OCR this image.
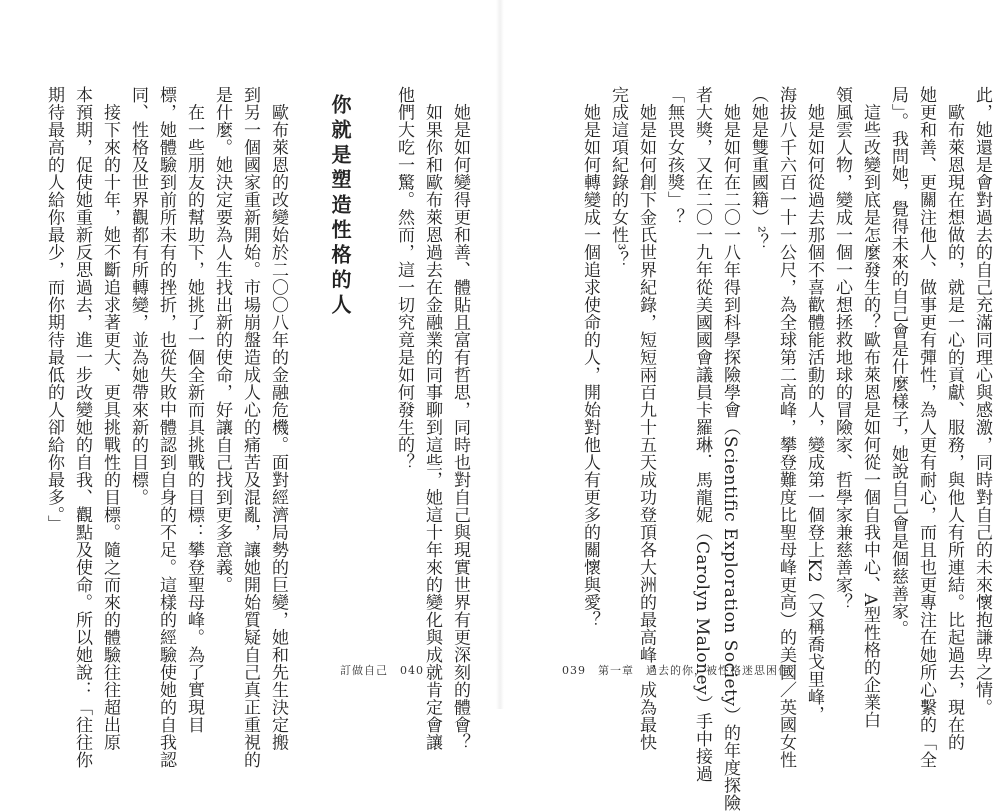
此，她還是會對過去的自己充滿同理心與感激，同時對自己的未來懷抱謙卑之情。
　歐布萊恩現在想做的，就是一心的貢獻、服務，與他人有所連結。比起過去，現在的
她更和善、更關注他人、做事更有彈性，為人更有耐心，而且也更專注在她所心繫的「全
局」。我問她，覺得未來的自己會是什麼樣子，她說自己會是個慈善家。
　這些改變到底是怎麼發生的？歐布萊恩是如何從一個自我中心、A型性格的企業白
領風雲人物，變成一個一心想拯救地球的冒險家、哲學家兼慈善家？
　她是如何從過去那個不喜歡體能活動的人，變成第一個登上K2（又稱喬戈里峰，
海拔八千六百一十一公尺，為全球第二高峰，攀登難度比聖母峰更高）的美國／英國女性
（她是雙重國籍）²？
　她是如何在二〇一八年得到科學探險學會（Scientific Exploration Society）的年度探險
者大獎，又在二〇一九年從美國國會議員卡羅琳．馬龍妮（Carolyn Maloney）手中接過
「無畏女孩獎」？
　她是如何創下金氏世界紀錄，短短兩百九十五天成功登頂各大洲的最高峰，成為最快
完成這項紀錄的女性³？
　她是如何轉變成一個追求使命的人，開始對他人有更多的關懷與愛？
039　第一章　過去的你，被性格迷思困住
　她是如何變得更和善、體貼且富有哲思，同時也對自己與現實世界有更深刻的體會？
　如果你和歐布萊恩過去在金融業的同事聊到這些，她這十年來的變化與成就肯定會讓
他們大吃一驚。然而，這一切究竟是如何發生的？
你就是塑造性格的人
　歐布萊恩的改變始於二〇〇八年的金融危機。面對經濟局勢的巨變，她和先生決定搬
到另一個國家重新開始。市場崩盤造成人心的痛苦及混亂，讓她開始質疑自己真正重視的
是什麼。她決定要為人生找出新的使命，好讓自己找到更多意義。
　在一些朋友的幫助下，她挑了一個全新而具挑戰的目標：攀登聖母峰。為了實現目
標，她體驗到前所未有的挫折，也從失敗中體認到自身的不足。這樣的經驗使她的自我認
同、性格及世界觀都有所轉變，並為她帶來新的目標。
　接下來的十年，她不斷追求著更大、更具挑戰性的目標。隨之而來的體驗往往超出原
本預期，促使她重新反思過去，進一步改變她的自我、觀點及使命。所以她說：「往往你
期待最高的人給你最少，而你期待最低的人卻給你最多。」
訂做自己　040
